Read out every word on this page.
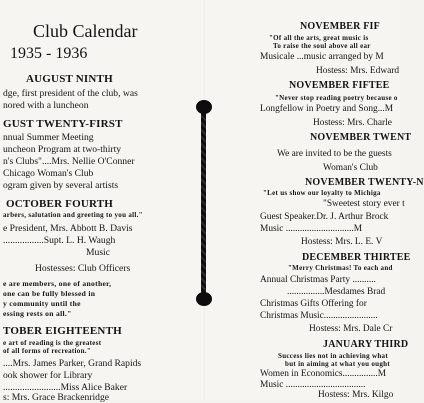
Club Calendar
1935 - 1936
AUGUST NINTH
dge, first president of the club, was
nored with a luncheon
GUST TWENTY-FIRST
nnual Summer Meeting
uncheon Program at two-thirty
n's Clubs"....Mrs. Nellie O'Conner
Chicago Woman's Club
ogram given by several artists
OCTOBER FOURTH
arbers, salutation and greeting to you all."
e President, Mrs. Abbott B. Davis
.................Supt. L. H. Waugh
Music
Hostesses: Club Officers
e are members, one of another,
one can be fully blessed in
y community until the
essing rests on all."
TOBER EIGHTEENTH
e art of reading is the greatest
of all forms of recreation."
....Mrs. James Parker, Grand Rapids
ook shower for Library
........................Miss Alice Baker
s: Mrs. Grace Brackenridge
NOVEMBER FIF
"Of all the arts, great music is
To raise the soul above all ear
Musicale ...music arranged by M
Hostess: Mrs. Edward
NOVEMBER FIFTEE
"Never stop reading poetry because o
Longfellow in Poetry and Song...M
Hostess: Mrs. Charle
NOVEMBER TWENT
We are invited to be the guests
Woman's Club
NOVEMBER TWENTY-N
"Let us show our loyalty to Michiga
"Sweetest story ever t
Guest Speaker.Dr. J. Arthur Brock
Music .............................M
Hostess: Mrs. L. E. V
DECEMBER THIRTEE
"Merry Christmas! To each and
Annual Christmas Party ..........
................Mesdames Brad
Christmas Gifts Offering for
Christmas Music.......................
Hostess: Mrs. Dale Cr
JANUARY THIRD
Success lies not in achieving what
but in aiming at what you ought
Women in Economics...............M
Music ..................................
Hostess: Mrs. Kilgo
